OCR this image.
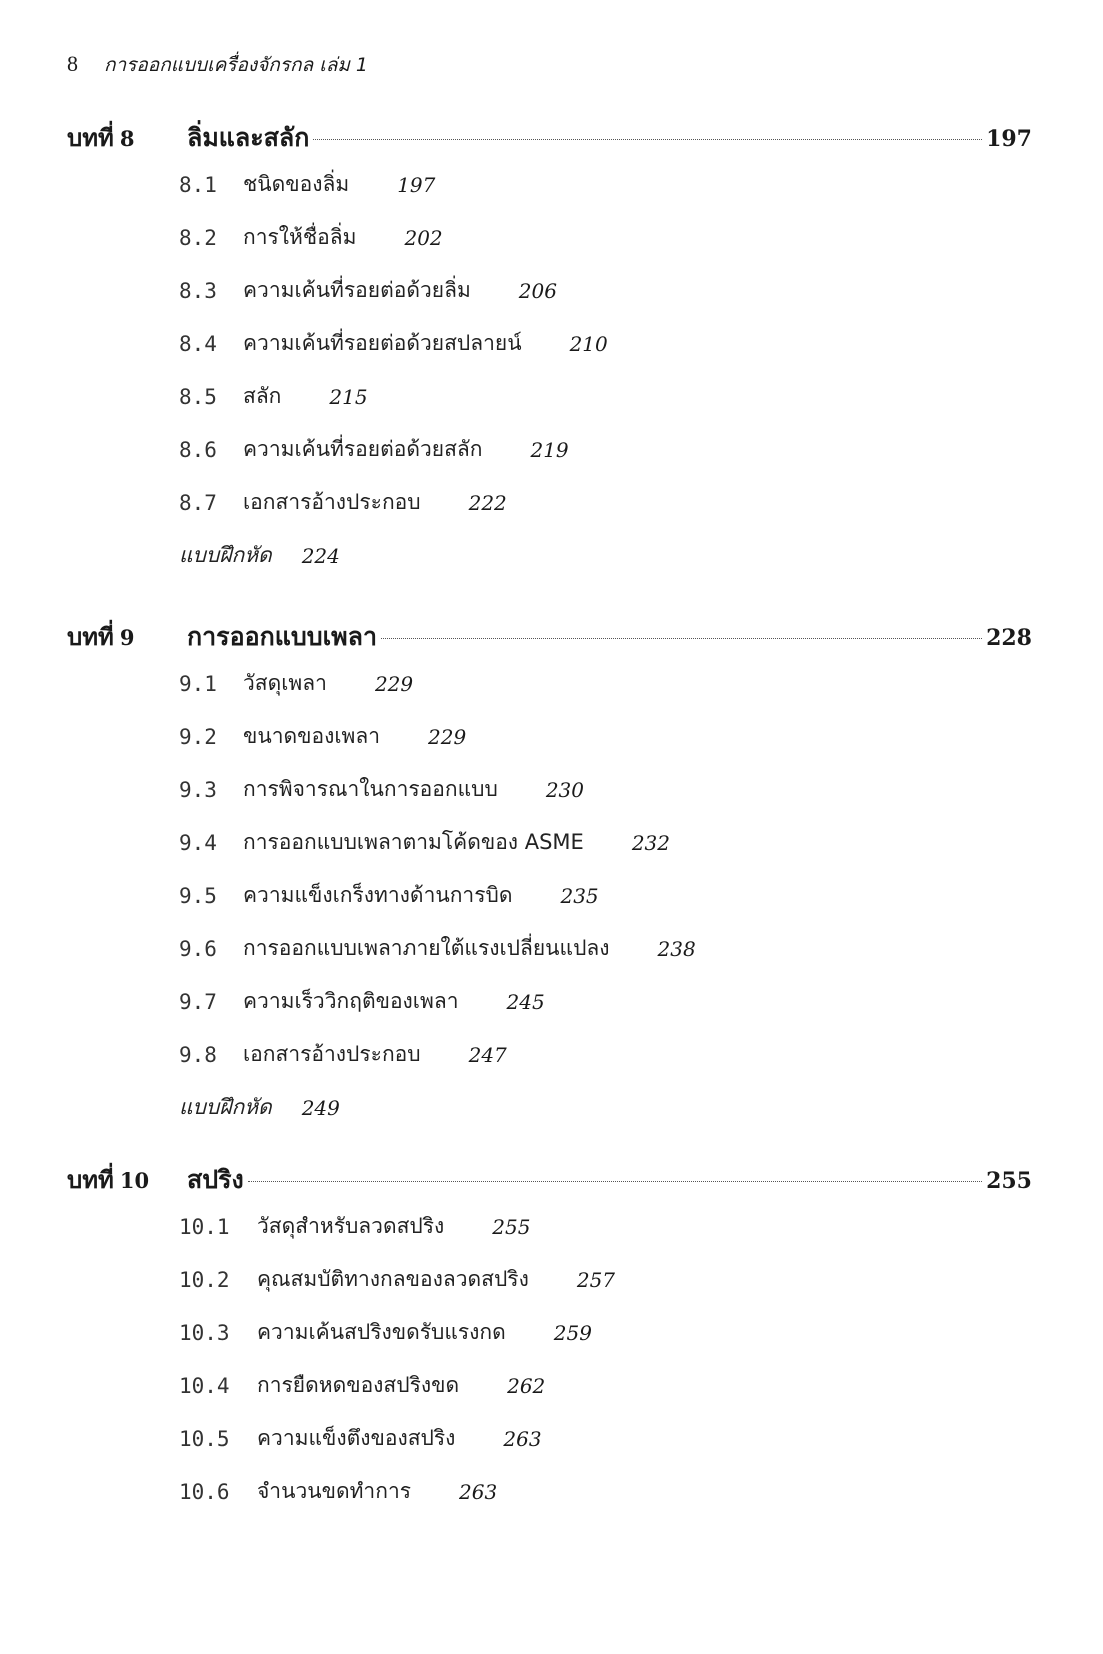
8 การออกแบบเครื่องจักรกล เล่ม 1
บทที่ 8	ลิ่มและสลัก	197
8.1	ชนิดของลิ่ม 197
8.2	การให้ชื่อลิ่ม 202
8.3	ความเค้นที่รอยต่อด้วยลิ่ม 206
8.4	ความเค้นที่รอยต่อด้วยสปลายน์ 210
8.5	สลัก 215
8.6	ความเค้นที่รอยต่อด้วยสลัก 219
8.7	เอกสารอ้างประกอบ 222
แบบฝึกหัด 224
บทที่ 9	การออกแบบเพลา	228
9.1	วัสดุเพลา 229
9.2	ขนาดของเพลา 229
9.3	การพิจารณาในการออกแบบ 230
9.4	การออกแบบเพลาตามโค้ดของ ASME 232
9.5	ความแข็งเกร็งทางด้านการบิด 235
9.6	การออกแบบเพลาภายใต้แรงเปลี่ยนแปลง 238
9.7	ความเร็ววิกฤติของเพลา 245
9.8	เอกสารอ้างประกอบ 247
แบบฝึกหัด 249
บทที่ 10	สปริง	255
10.1	วัสดุสำหรับลวดสปริง 255
10.2	คุณสมบัติทางกลของลวดสปริง 257
10.3	ความเค้นสปริงขดรับแรงกด 259
10.4	การยืดหดของสปริงขด 262
10.5	ความแข็งตึงของสปริง 263
10.6	จำนวนขดทำการ 263
